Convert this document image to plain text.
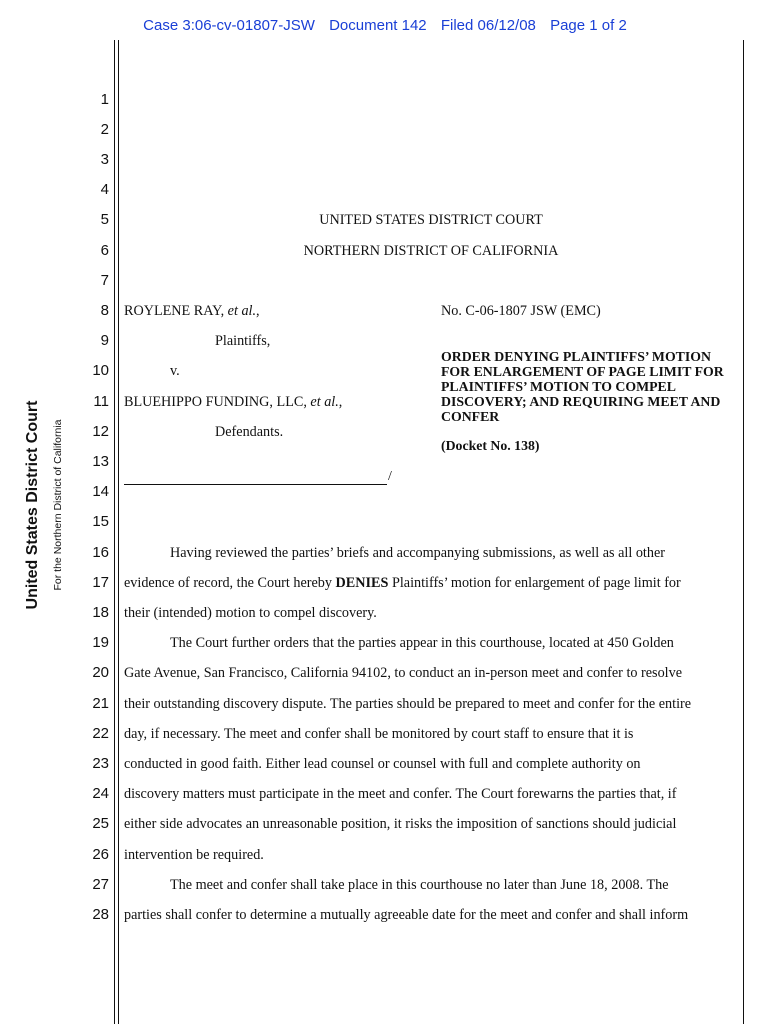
Case 3:06-cv-01807-JSW Document 142 Filed 06/12/08 Page 1 of 2
United States District Court For the Northern District of California
1
2
3
4
5
6
7
8
9
10
11
12
13
14
15
16
17
18
19
20
21
22
23
24
25
26
27
28
UNITED STATES DISTRICT COURT
NORTHERN DISTRICT OF CALIFORNIA
ROYLENE RAY, et al.,	No. C-06-1807 JSW (EMC)
Plaintiffs,
v.
BLUEHIPPO FUNDING, LLC, et al.,
Defendants.
ORDER DENYING PLAINTIFFS’ MOTION FOR ENLARGEMENT OF PAGE LIMIT FOR PLAINTIFFS’ MOTION TO COMPEL DISCOVERY; AND REQUIRING MEET AND CONFER
(Docket No. 138)
/
Having reviewed the parties’ briefs and accompanying submissions, as well as all other
evidence of record, the Court hereby DENIES Plaintiffs’ motion for enlargement of page limit for
their (intended) motion to compel discovery.
The Court further orders that the parties appear in this courthouse, located at 450 Golden
Gate Avenue, San Francisco, California 94102, to conduct an in-person meet and confer to resolve
their outstanding discovery dispute. The parties should be prepared to meet and confer for the entire
day, if necessary. The meet and confer shall be monitored by court staff to ensure that it is
conducted in good faith. Either lead counsel or counsel with full and complete authority on
discovery matters must participate in the meet and confer. The Court forewarns the parties that, if
either side advocates an unreasonable position, it risks the imposition of sanctions should judicial
intervention be required.
The meet and confer shall take place in this courthouse no later than June 18, 2008. The
parties shall confer to determine a mutually agreeable date for the meet and confer and shall inform
